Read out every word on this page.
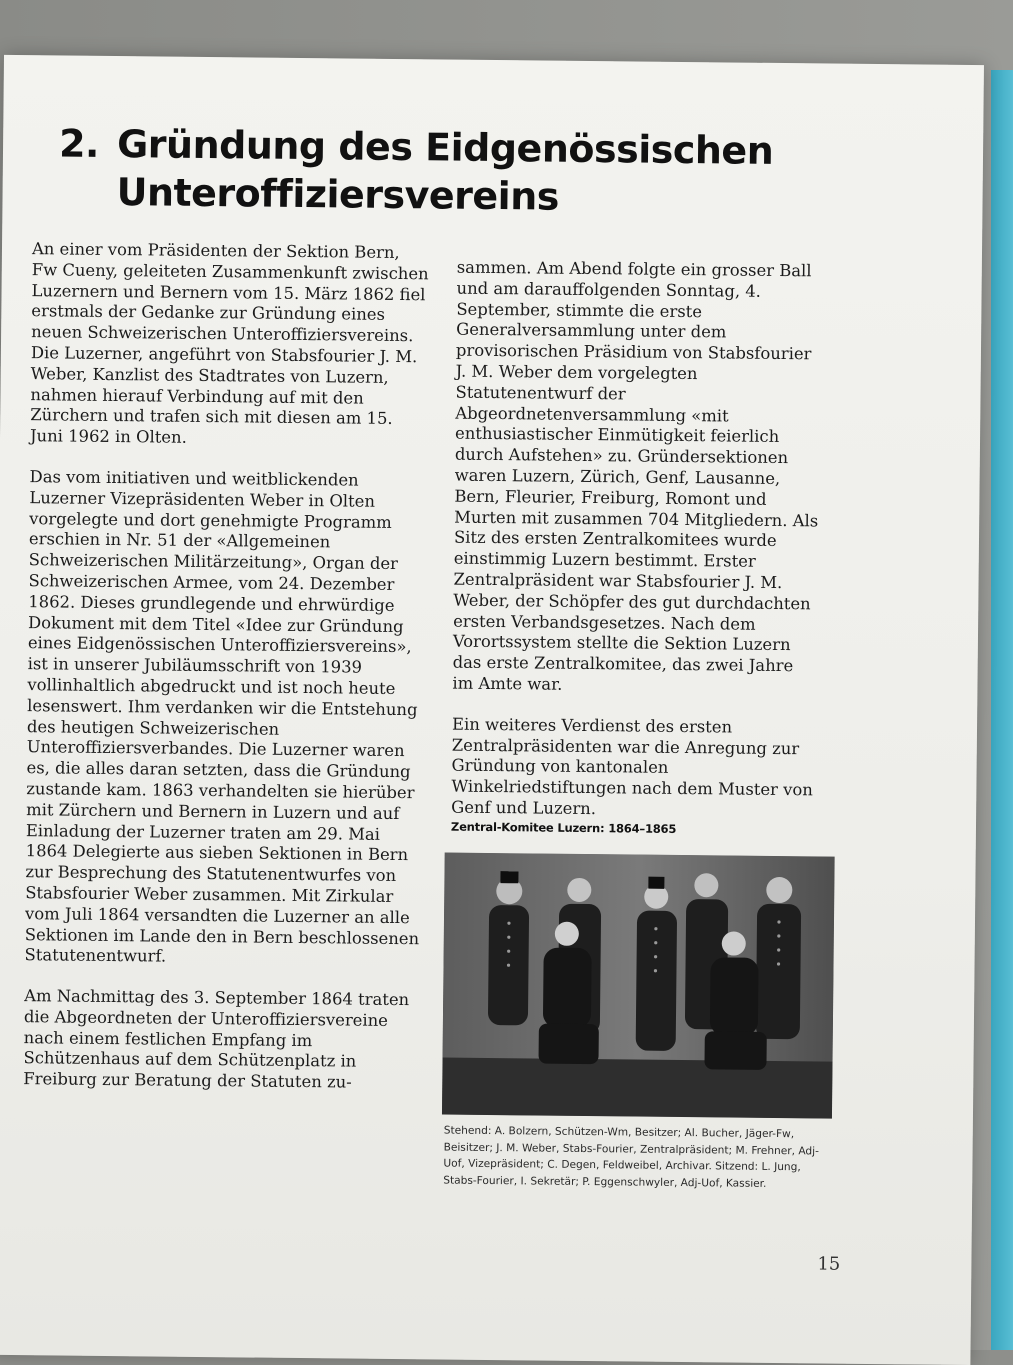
2. Gründung des Eidgenössischen
Unteroffiziersvereins

An einer vom Präsidenten der Sektion Bern, Fw Cueny, geleiteten Zusammenkunft zwischen Luzernern und Bernern vom 15. März 1862 fiel erstmals der Gedanke zur Gründung eines neuen Schweizerischen Unteroffiziersvereins. Die Luzerner, angeführt von Stabsfourier J. M. Weber, Kanzlist des Stadtrates von Luzern, nahmen hierauf Verbindung auf mit den Zürchern und trafen sich mit diesen am 15. Juni 1962 in Olten.

Das vom initiativen und weitblickenden Luzerner Vizepräsidenten Weber in Olten vorgelegte und dort genehmigte Programm erschien in Nr. 51 der «Allgemeinen Schweizerischen Militärzeitung», Organ der Schweizerischen Armee, vom 24. Dezember 1862. Dieses grundlegende und ehrwürdige Dokument mit dem Titel «Idee zur Gründung eines Eidgenössischen Unteroffiziersvereins», ist in unserer Jubiläumsschrift von 1939 vollinhaltlich abgedruckt und ist noch heute lesenswert. Ihm verdanken wir die Entstehung des heutigen Schweizerischen Unteroffiziersverbandes. Die Luzerner waren es, die alles daran setzten, dass die Gründung zustande kam. 1863 verhandelten sie hierüber mit Zürchern und Bernern in Luzern und auf Einladung der Luzerner traten am 29. Mai 1864 Delegierte aus sieben Sektionen in Bern zur Besprechung des Statutenentwurfes von Stabsfourier Weber zusammen. Mit Zirkular vom Juli 1864 versandten die Luzerner an alle Sektionen im Lande den in Bern beschlossenen Statutenentwurf.

Am Nachmittag des 3. September 1864 traten die Abgeordneten der Unteroffiziersvereine nach einem festlichen Empfang im Schützenhaus auf dem Schützenplatz in Freiburg zur Beratung der Statuten zu-

sammen. Am Abend folgte ein grosser Ball und am darauffolgenden Sonntag, 4. September, stimmte die erste Generalversammlung unter dem provisorischen Präsidium von Stabsfourier J. M. Weber dem vorgelegten Statutenentwurf der Abgeordnetenversammlung «mit enthusiastischer Einmütigkeit feierlich durch Aufstehen» zu. Gründersektionen waren Luzern, Zürich, Genf, Lausanne, Bern, Fleurier, Freiburg, Romont und Murten mit zusammen 704 Mitgliedern. Als Sitz des ersten Zentralkomitees wurde einstimmig Luzern bestimmt. Erster Zentralpräsident war Stabsfourier J. M. Weber, der Schöpfer des gut durchdachten ersten Verbandsgesetzes. Nach dem Vorortssystem stellte die Sektion Luzern das erste Zentralkomitee, das zwei Jahre im Amte war.

Ein weiteres Verdienst des ersten Zentralpräsidenten war die Anregung zur Gründung von kantonalen Winkelriedstiftungen nach dem Muster von Genf und Luzern.

Zentral-Komitee Luzern: 1864–1865
Stehend: A. Bolzern, Schützen-Wm, Besitzer; Al. Bucher, Jäger-Fw, Beisitzer; J. M. Weber, Stabs-Fourier, Zentralpräsident; M. Frehner, Adj-Uof, Vizepräsident; C. Degen, Feldweibel, Archivar. Sitzend: L. Jung, Stabs-Fourier, I. Sekretär; P. Eggenschwyler, Adj-Uof, Kassier.
15
